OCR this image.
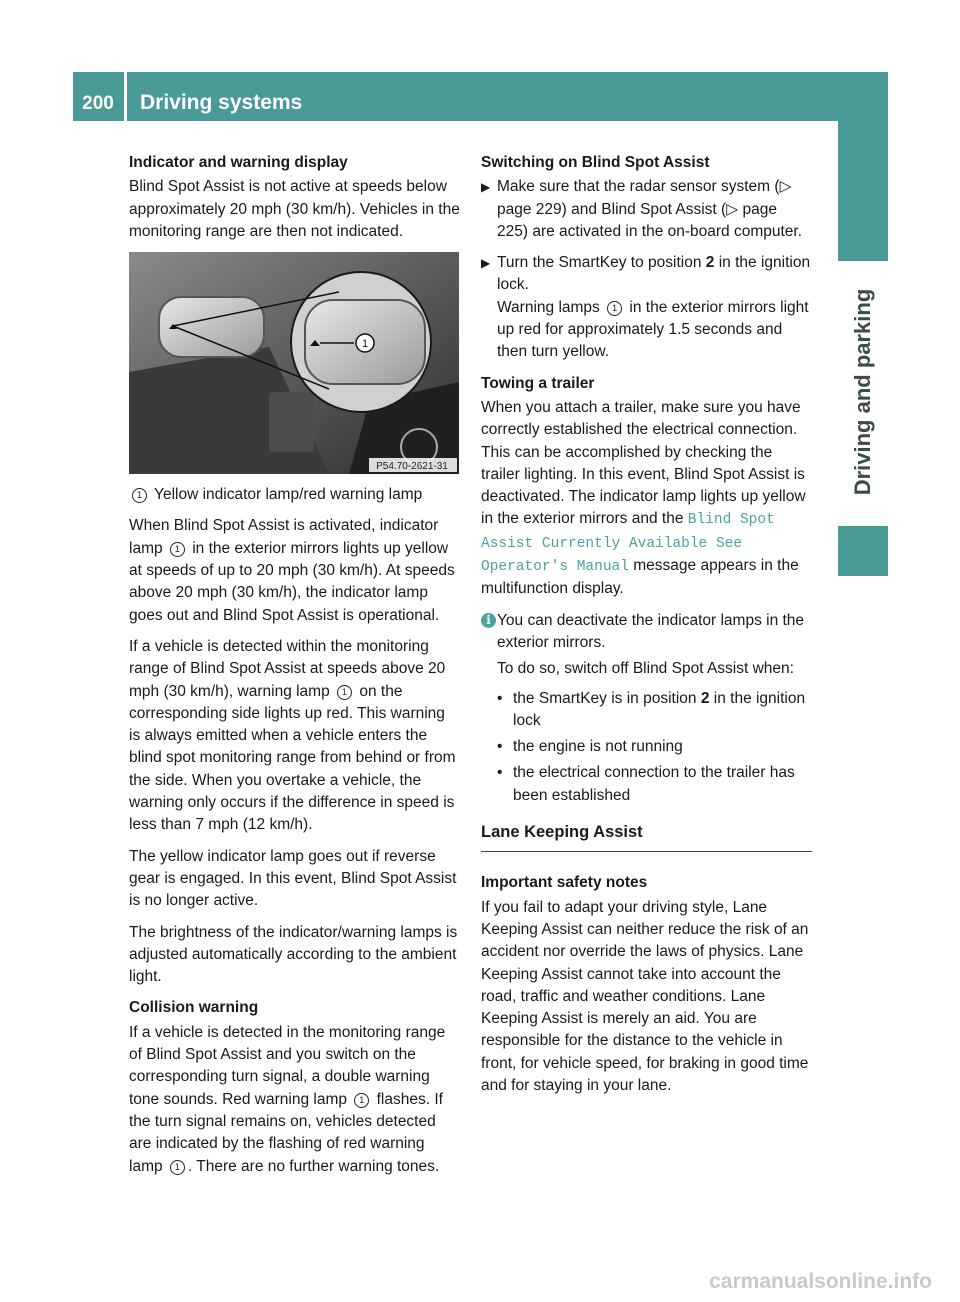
200	Driving systems
Driving and parking
Indicator and warning display

Blind Spot Assist is not active at speeds below approximately 20 mph (30 km/h). Vehicles in the monitoring range are then not indicated.

1
P54.70-2621-31

1 Yellow indicator lamp/red warning lamp

When Blind Spot Assist is activated, indicator lamp 1 in the exterior mirrors lights up yellow at speeds of up to 20 mph (30 km/h). At speeds above 20 mph (30 km/h), the indicator lamp goes out and Blind Spot Assist is operational.

If a vehicle is detected within the monitoring range of Blind Spot Assist at speeds above 20 mph (30 km/h), warning lamp 1 on the corresponding side lights up red. This warning is always emitted when a vehicle enters the blind spot monitoring range from behind or from the side. When you overtake a vehicle, the warning only occurs if the difference in speed is less than 7 mph (12 km/h).

The yellow indicator lamp goes out if reverse gear is engaged. In this event, Blind Spot Assist is no longer active.

The brightness of the indicator/warning lamps is adjusted automatically according to the ambient light.

Collision warning

If a vehicle is detected in the monitoring range of Blind Spot Assist and you switch on the corresponding turn signal, a double warning tone sounds. Red warning lamp 1 flashes. If the turn signal remains on, vehicles detected are indicated by the flashing of red warning lamp 1 . There are no further warning tones.

Switching on Blind Spot Assist
▶ Make sure that the radar sensor system (▷ page 229) and Blind Spot Assist (▷ page 225) are activated in the on-board computer.
▶ Turn the SmartKey to position 2 in the ignition lock.
Warning lamps 1 in the exterior mirrors light up red for approximately 1.5 seconds and then turn yellow.
Towing a trailer

When you attach a trailer, make sure you have correctly established the electrical connection. This can be accomplished by checking the trailer lighting. In this event, Blind Spot Assist is deactivated. The indicator lamp lights up yellow in the exterior mirrors and the Blind Spot Assist Currently Available See Operator's Manual message appears in the multifunction display.

i You can deactivate the indicator lamps in the exterior mirrors.
To do so, switch off Blind Spot Assist when:
• the SmartKey is in position 2 in the ignition lock
• the engine is not running
• the electrical connection to the trailer has been established
Lane Keeping Assist
Important safety notes

If you fail to adapt your driving style, Lane Keeping Assist can neither reduce the risk of an accident nor override the laws of physics. Lane Keeping Assist cannot take into account the road, traffic and weather conditions. Lane Keeping Assist is merely an aid. You are responsible for the distance to the vehicle in front, for vehicle speed, for braking in good time and for staying in your lane.

carmanualsonline.info
